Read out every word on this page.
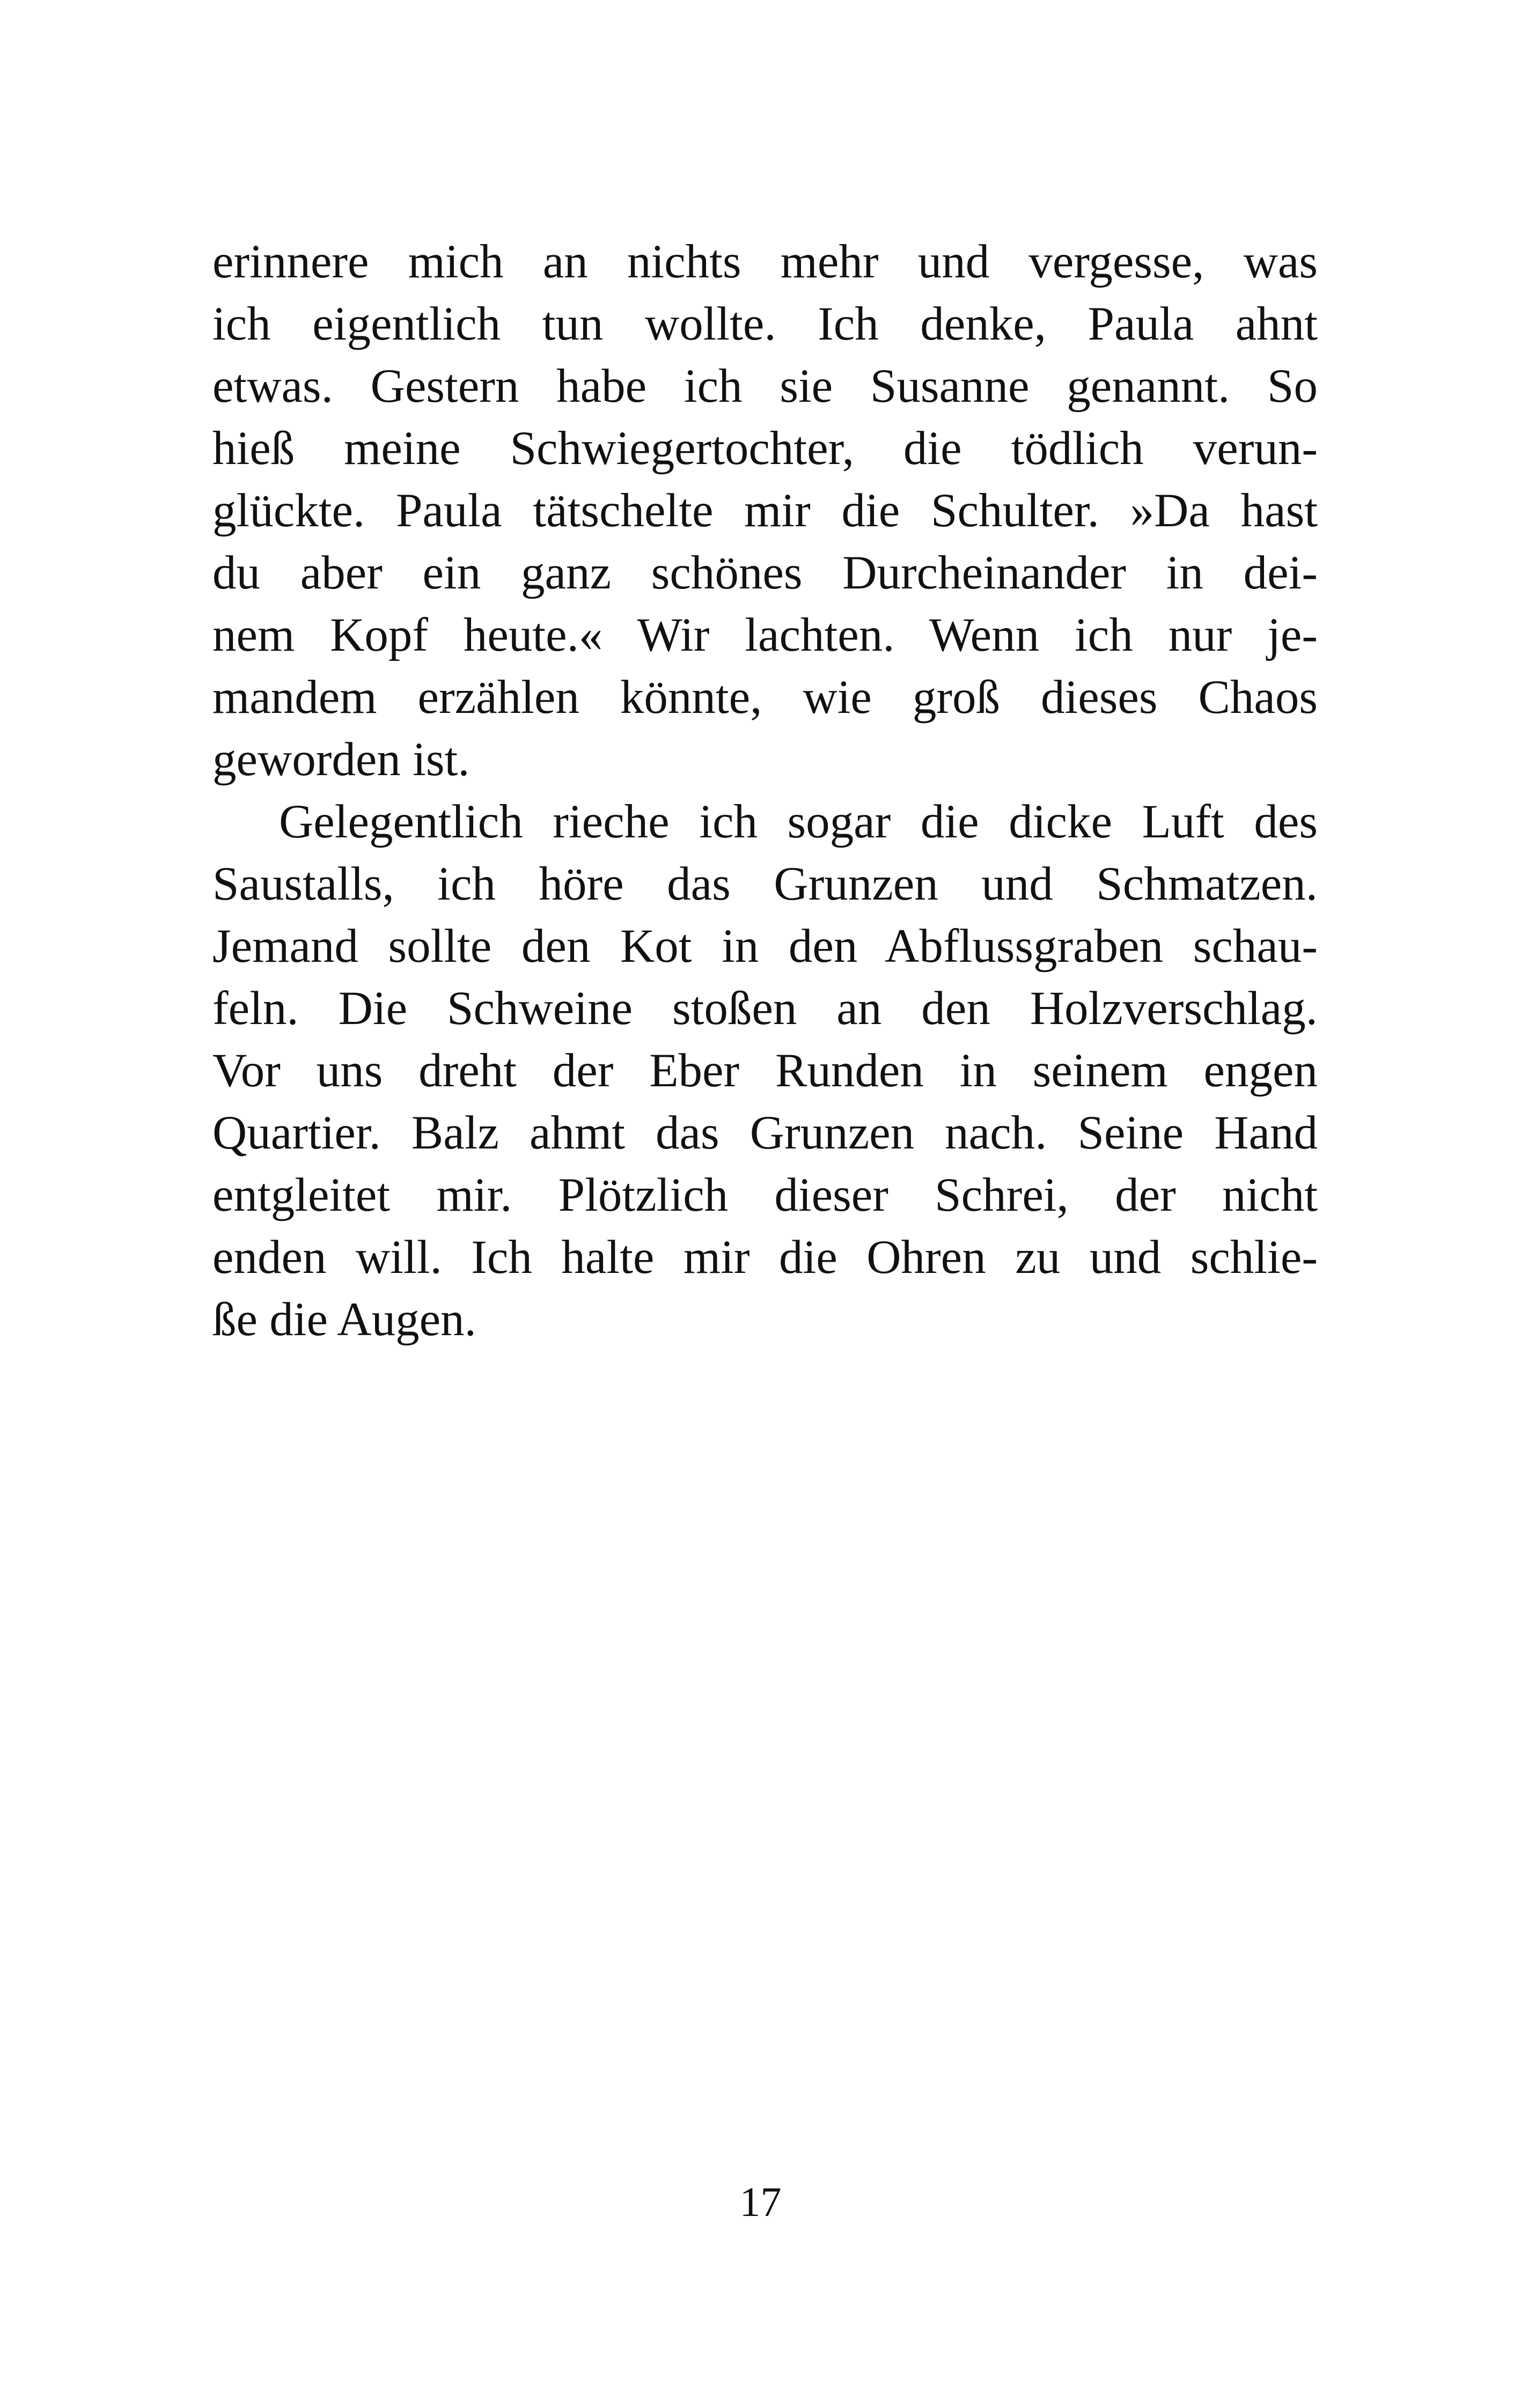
erinnere mich an nichts mehr und vergesse, was
ich eigentlich tun wollte. Ich denke, Paula ahnt
etwas. Gestern habe ich sie Susanne genannt. So
hieß meine Schwiegertochter, die tödlich verun-
glückte. Paula tätschelte mir die Schulter. »Da hast
du aber ein ganz schönes Durcheinander in dei-
nem Kopf heute.« Wir lachten. Wenn ich nur je-
mandem erzählen könnte, wie groß dieses Chaos
geworden ist.
Gelegentlich rieche ich sogar die dicke Luft des
Saustalls, ich höre das Grunzen und Schmatzen.
Jemand sollte den Kot in den Abflussgraben schau-
feln. Die Schweine stoßen an den Holzverschlag.
Vor uns dreht der Eber Runden in seinem engen
Quartier. Balz ahmt das Grunzen nach. Seine Hand
entgleitet mir. Plötzlich dieser Schrei, der nicht
enden will. Ich halte mir die Ohren zu und schlie-
ße die Augen.
17
